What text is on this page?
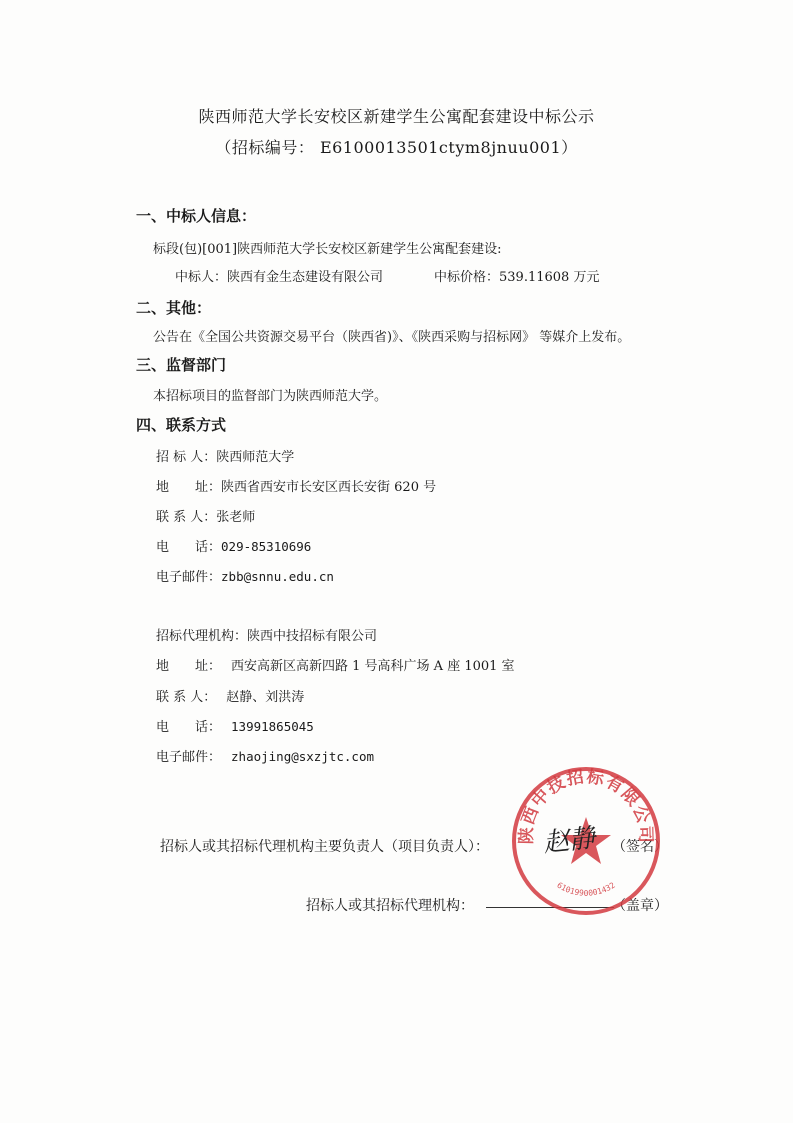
陕西师范大学长安校区新建学生公寓配套建设中标公示
（招标编号： E6100013501ctym8jnuu001）
一、中标人信息：
标段(包)[001]陕西师范大学长安校区新建学生公寓配套建设:
中标人：陕西有金生态建设有限公司	中标价格：539.11608 万元
二、其他：
公告在《全国公共资源交易平台（陕西省)》、《陕西采购与招标网》 等媒介上发布。
三、监督部门
本招标项目的监督部门为陕西师范大学。
四、联系方式
招 标 人：陕西师范大学
地　　址：陕西省西安市长安区西长安街 620 号
联 系 人：张老师
电　　话：029-85310696
电子邮件：zbb@snnu.edu.cn
招标代理机构：陕西中技招标有限公司
地　　址： 西安高新区高新四路 1 号高科广场 A 座 1001 室
联 系 人： 赵静、刘洪涛
电　　话： 13991865045
电子邮件： zhaojing@sxzjtc.com
招标人或其招标代理机构主要负责人（项目负责人）：	（签名）
招标人或其招标代理机构：	（盖章）
陕西中技招标有限公司
6101990001432
赵静
